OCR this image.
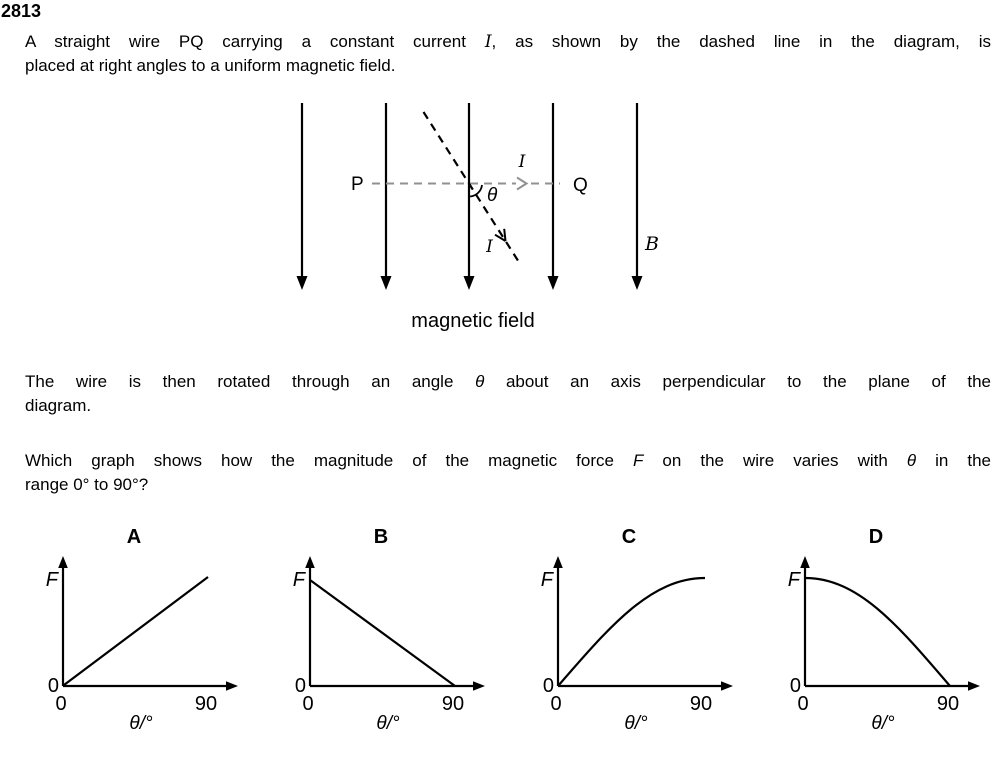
2813
A straight wire PQ carrying a constant current I, as shown by the dashed line in the diagram, is
placed at right angles to a uniform magnetic field.
P	Q
I
I
θ
B
magnetic field
The wire is then rotated through an angle θ about an axis perpendicular to the plane of the
diagram.
Which graph shows how the magnitude of the magnetic force F on the wire varies with θ in the
range 0° to 90°?
A
F
0
0	90
θ/°
B
F
0
0	90
θ/°
C
F
0
0	90
θ/°
D
F
0
0	90
θ/°
